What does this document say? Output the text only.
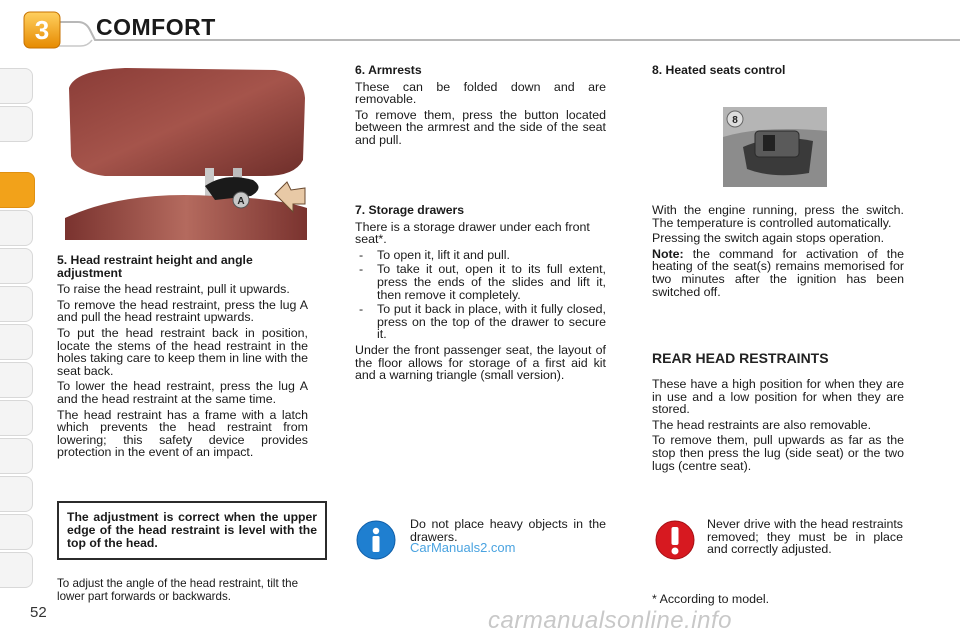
3	COMFORT
A
5. Head restraint height and angle adjustment

To raise the head restraint, pull it upwards.

To remove the head restraint, press the lug A and pull the head restraint upwards.

To put the head restraint back in position, locate the stems of the head restraint in the holes taking care to keep them in line with the seat back.

To lower the head restraint, press the lug A and the head restraint at the same time.

The head restraint has a frame with a latch which prevents the head restraint from lowering; this safety device provides protection in the event of an impact.

The adjustment is correct when the upper edge of the head restraint is level with the top of the head.
To adjust the angle of the head restraint, tilt the lower part forwards or backwards.
52
6. Armrests

These can be folded down and are removable.

To remove them, press the button located between the armrest and the side of the seat and pull.

7. Storage drawers

There is a storage drawer under each front seat*.

- To open it, lift it and pull.
- To take it out, open it to its full extent, press the ends of the slides and lift it, then remove it completely.
- To put it back in place, with it fully closed, press on the top of the drawer to secure it.

Under the front passenger seat, the layout of the floor allows for storage of a first aid kit and a warning triangle (small version).

Do not place heavy objects in the drawers.
CarManuals2.com
8. Heated seats control
8

With the engine running, press the switch. The temperature is controlled automatically.

Pressing the switch again stops operation.

Note: the command for activation of the heating of the seat(s) remains memorised for two minutes after the ignition has been switched off.

REAR HEAD RESTRAINTS

These have a high position for when they are in use and a low position for when they are stored.

The head restraints are also removable.

To remove them, pull upwards as far as the stop then press the lug (side seat) or the two lugs (centre seat).

Never drive with the head restraints removed; they must be in place and correctly adjusted.
* According to model.
carmanualsonline.info
